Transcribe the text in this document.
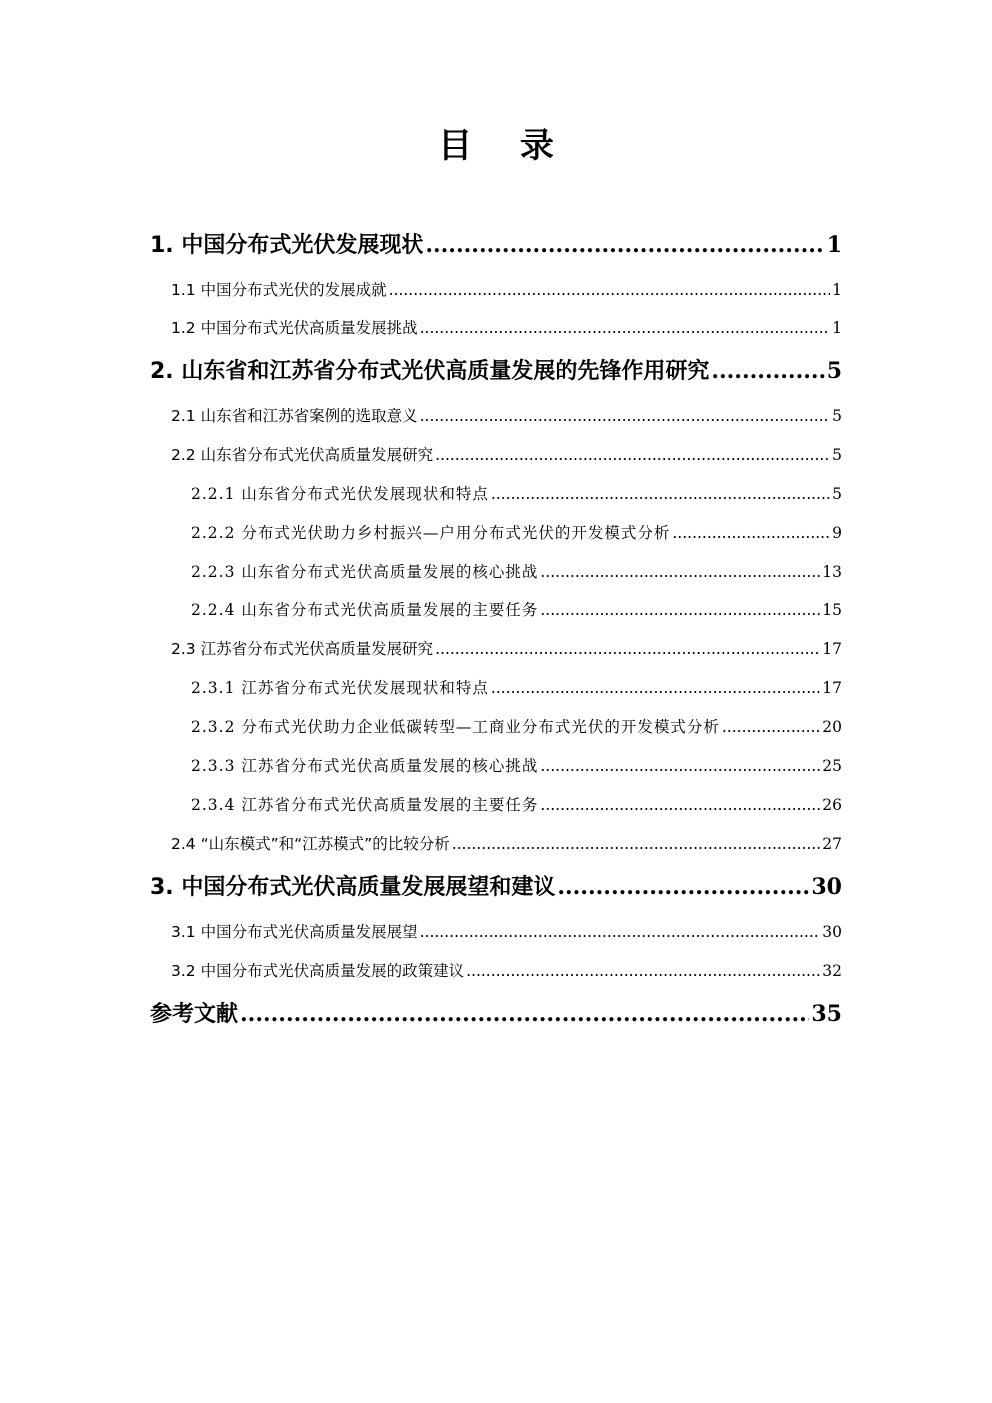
目 录
1. 中国分布式光伏发展现状 .....	1
1.1 中国分布式光伏的发展成就 .....	1
1.2 中国分布式光伏高质量发展挑战 .....	1
2. 山东省和江苏省分布式光伏高质量发展的先锋作用研究 .....	5
2.1 山东省和江苏省案例的选取意义 .....	5
2.2 山东省分布式光伏高质量发展研究 .....	5
2.2.1 山东省分布式光伏发展现状和特点 .....	5
2.2.2 分布式光伏助力乡村振兴—户用分布式光伏的开发模式分析 .....	9
2.2.3 山东省分布式光伏高质量发展的核心挑战 .....	13
2.2.4 山东省分布式光伏高质量发展的主要任务 .....	15
2.3 江苏省分布式光伏高质量发展研究 .....	17
2.3.1 江苏省分布式光伏发展现状和特点 .....	17
2.3.2 分布式光伏助力企业低碳转型—工商业分布式光伏的开发模式分析 .....	20
2.3.3 江苏省分布式光伏高质量发展的核心挑战 .....	25
2.3.4 江苏省分布式光伏高质量发展的主要任务 .....	26
2.4 “山东模式”和“江苏模式”的比较分析 .....	27
3. 中国分布式光伏高质量发展展望和建议 .....	30
3.1 中国分布式光伏高质量发展展望 .....	30
3.2 中国分布式光伏高质量发展的政策建议 .....	32
参考文献 .....	35
